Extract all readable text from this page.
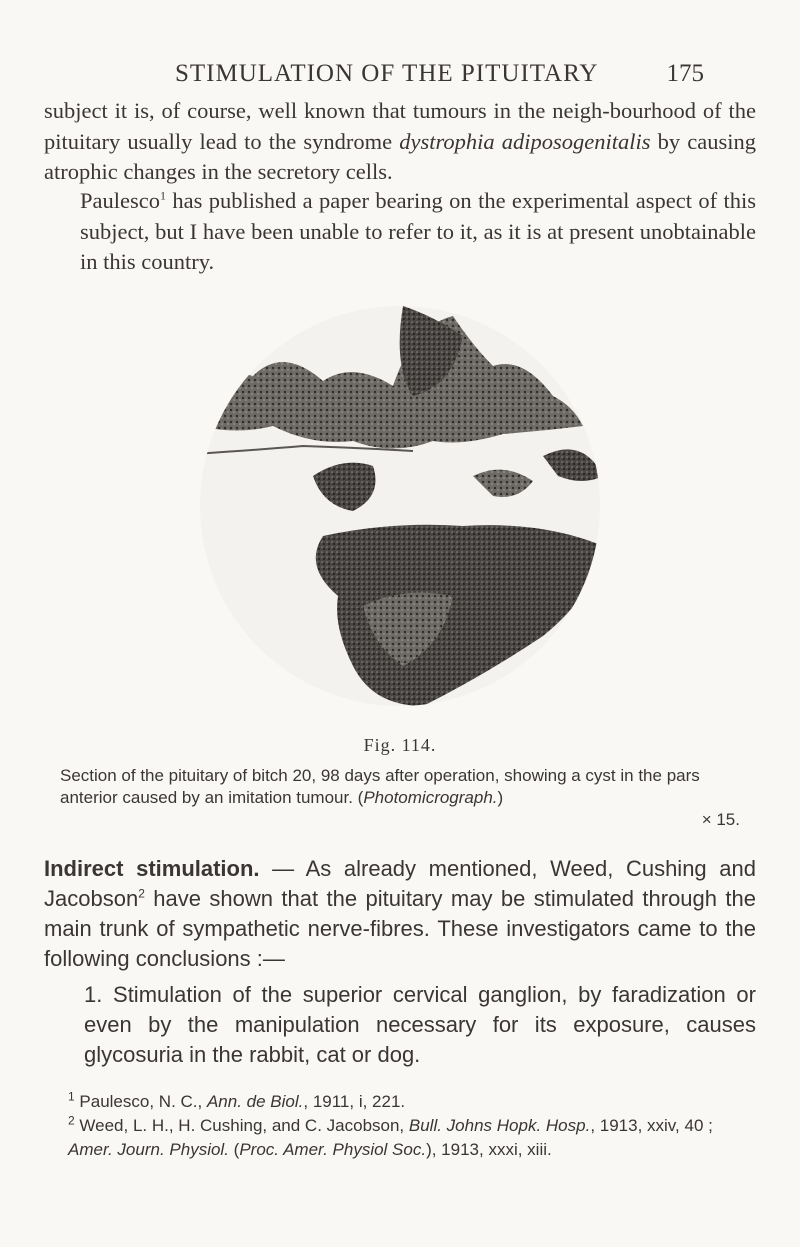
STIMULATION OF THE PITUITARY	175

subject it is, of course, well known that tumours in the neigh-bourhood of the pituitary usually lead to the syndrome dystrophia adiposogenitalis by causing atrophic changes in the secretory cells.

Paulesco$^1$ has published a paper bearing on the experimental aspect of this subject, but I have been unable to refer to it, as it is at present unobtainable in this country.

Fig. 114.
Section of the pituitary of bitch 20, 98 days after operation, showing a cyst in the pars anterior caused by an imitation tumour. (Photomicrograph.)
× 15.

Indirect stimulation. — As already mentioned, Weed, Cushing and Jacobson$^2$ have shown that the pituitary may be stimulated through the main trunk of sympathetic nerve-fibres. These investigators came to the following conclusions :—

1. Stimulation of the superior cervical ganglion, by faradization or even by the manipulation necessary for its exposure, causes glycosuria in the rabbit, cat or dog.

$^1$ Paulesco, N. C., Ann. de Biol., 1911, i, 221.

$^2$ Weed, L. H., H. Cushing, and C. Jacobson, Bull. Johns Hopk. Hosp., 1913, xxiv, 40 ; Amer. Journ. Physiol. (Proc. Amer. Physiol Soc.), 1913, xxxi, xiii.
